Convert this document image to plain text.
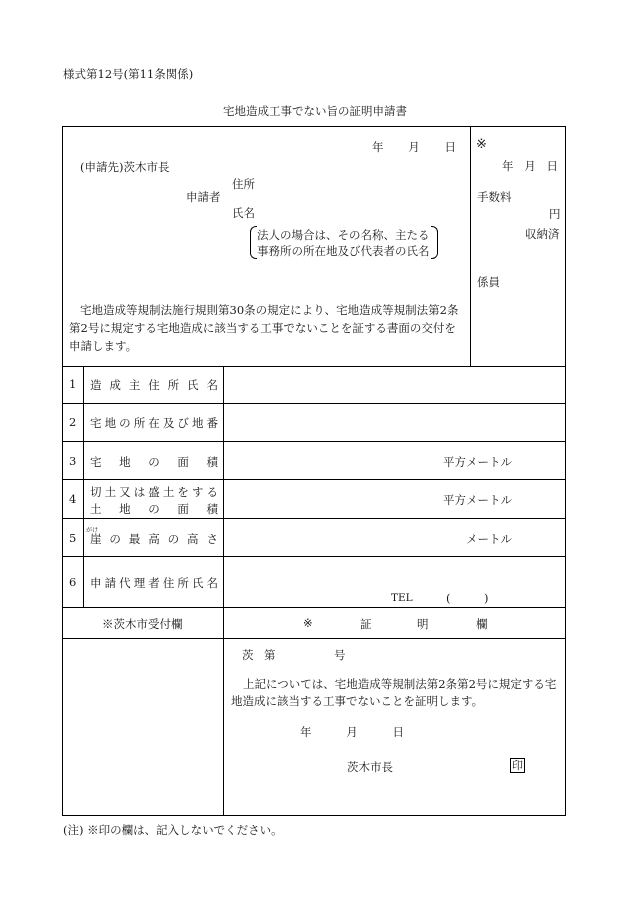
様式第12号(第11条関係)
宅地造成工事でない旨の証明申請書
年 月 日
(申請先)茨木市長
住所
申請者
氏名
法人の場合は、その名称、主たる
事務所の所在地及び代表者の氏名
宅地造成等規制法施行規則第30条の規定により、宅地造成等規制法第2条
第2号に規定する宅地造成に該当する工事でないことを証する書面の交付を
申請します。
※
年 月 日
手数料
円
収納済
係員
1 造 成 主 住 所 氏 名
2 宅 地 の 所 在 及 び 地 番
3 宅 地 の 面 積	平方メートル
4 切 土 又 は 盛 土 を す る
土 地 の 面 積
平方メートル
5
がけ
崖 の 最 高 の 高 さ	メートル
6 申 請 代 理 者 住 所 氏 名
TEL	(	)
※茨木市受付欄	※	証	明	欄
茨 第	号
上記については、宅地造成等規制法第2条第2号に規定する宅
地造成に該当する工事でないことを証明します。
年	月	日
茨木市長	印
(注) ※印の欄は、記入しないでください。
